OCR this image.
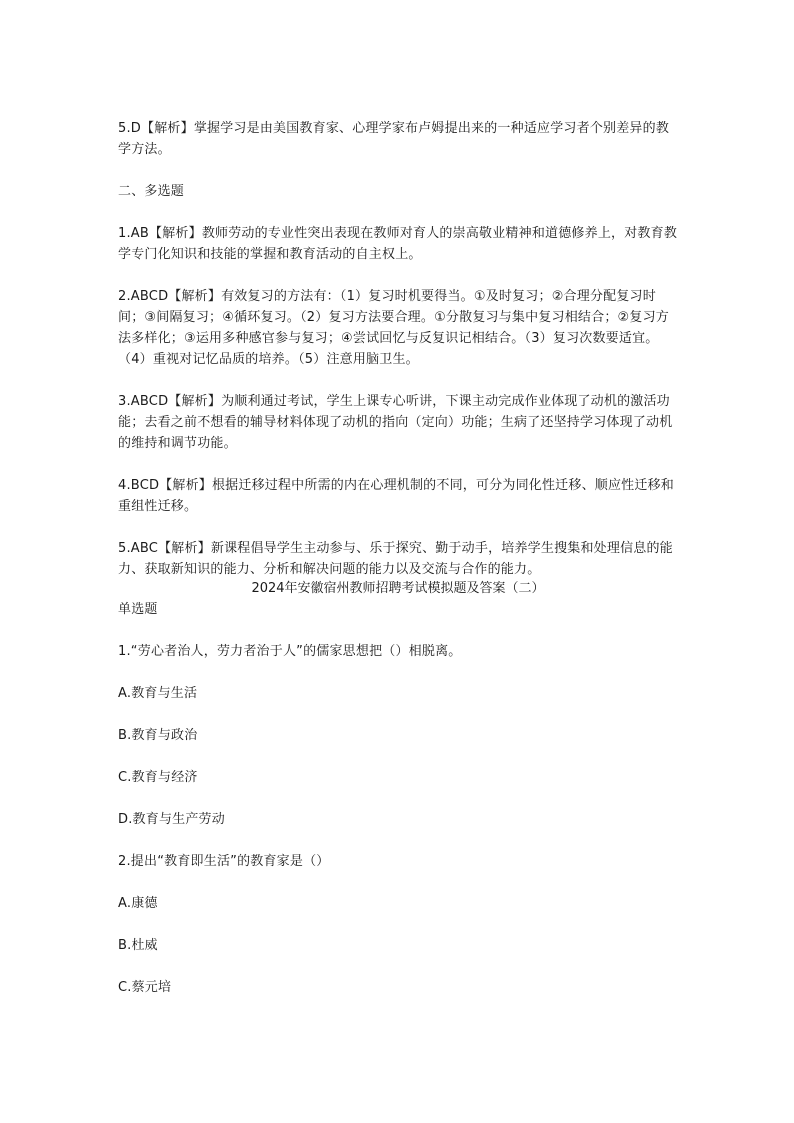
5.D【解析】掌握学习是由美国教育家、心理学家布卢姆提出来的一种适应学习者个别差异的教学方法。

二、多选题

1.AB【解析】教师劳动的专业性突出表现在教师对育人的崇高敬业精神和道德修养上，对教育教学专门化知识和技能的掌握和教育活动的自主权上。

2.ABCD【解析】有效复习的方法有：（1）复习时机要得当。①及时复习；②合理分配复习时间；③间隔复习；④循环复习。（2）复习方法要合理。①分散复习与集中复习相结合；②复习方法多样化；③运用多种感官参与复习；④尝试回忆与反复识记相结合。（3）复习次数要适宜。（4）重视对记忆品质的培养。（5）注意用脑卫生。

3.ABCD【解析】为顺利通过考试，学生上课专心听讲，下课主动完成作业体现了动机的激活功能；去看之前不想看的辅导材料体现了动机的指向（定向）功能；生病了还坚持学习体现了动机的维持和调节功能。

4.BCD【解析】根据迁移过程中所需的内在心理机制的不同，可分为同化性迁移、顺应性迁移和重组性迁移。

5.ABC【解析】新课程倡导学生主动参与、乐于探究、勤于动手，培养学生搜集和处理信息的能力、获取新知识的能力、分析和解决问题的能力以及交流与合作的能力。

2024年安徽宿州教师招聘考试模拟题及答案（二）

单选题

1.“劳心者治人，劳力者治于人”的儒家思想把（）相脱离。

A.教育与生活

B.教育与政治

C.教育与经济

D.教育与生产劳动

2.提出“教育即生活”的教育家是（）

A.康德

B.杜威

C.蔡元培
